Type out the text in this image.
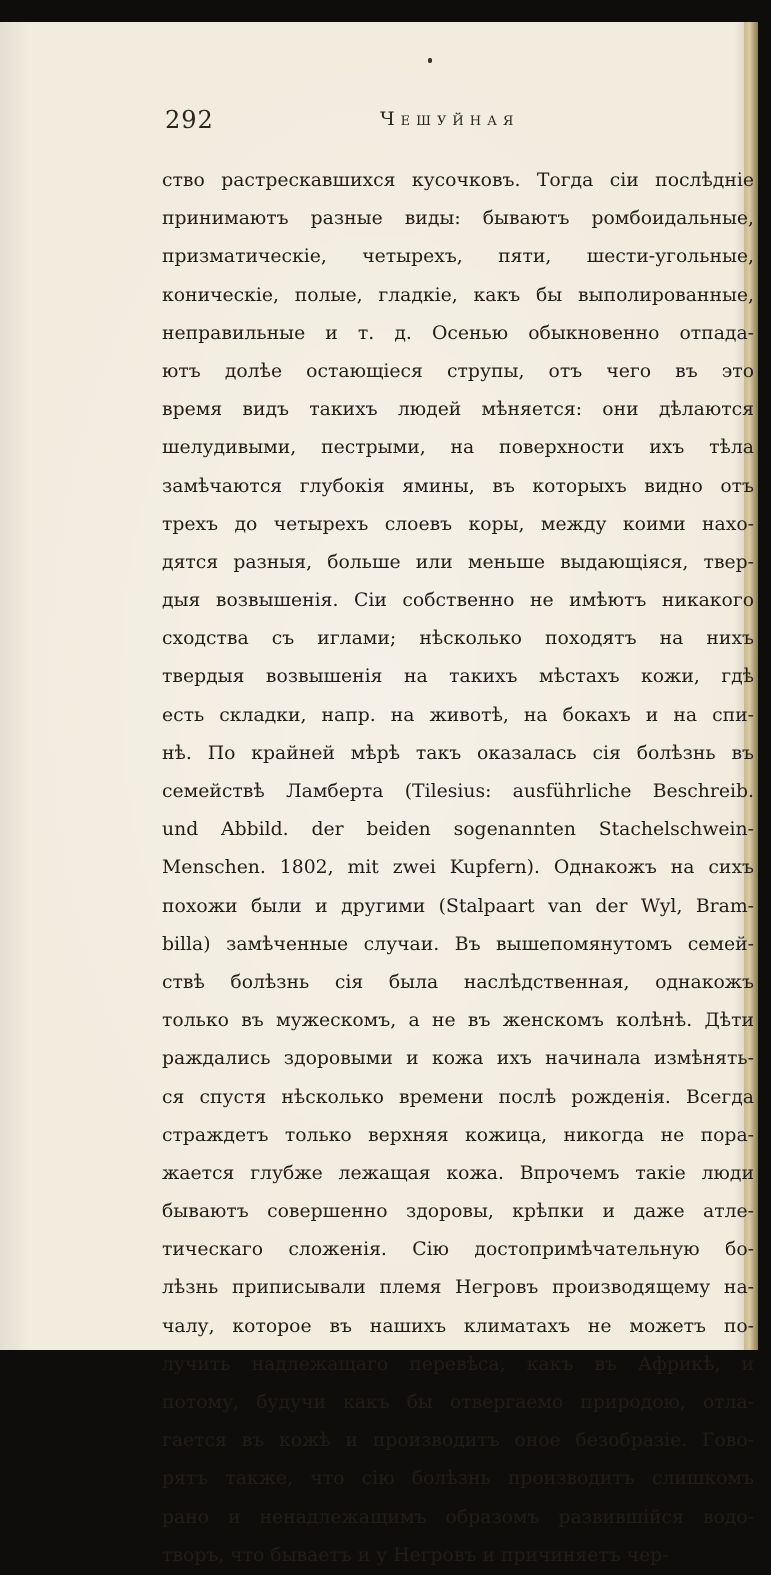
292	Чешуйная
ство растрескавшихся кусочковъ. Тогда сіи послѣдніе
принимаютъ разные виды: бываютъ ромбоидальные,
призматическіе, четырехъ, пяти, шести-угольные,
коническіе, полые, гладкіе, какъ бы выполированные,
неправильные и т. д. Осенью обыкновенно отпада-
ютъ долѣе остающіеся струпы, отъ чего въ это
время видъ такихъ людей мѣняется: они дѣлаются
шелудивыми, пестрыми, на поверхности ихъ тѣла
замѣчаются глубокія ямины, въ которыхъ видно отъ
трехъ до четырехъ слоевъ коры, между коими нахо-
дятся разныя, больше или меньше выдающіяся, твер-
дыя возвышенія. Сіи собственно не имѣютъ никакого
сходства съ иглами; нѣсколько походятъ на нихъ
твердыя возвышенія на такихъ мѣстахъ кожи, гдѣ
есть складки, напр. на животѣ, на бокахъ и на спи-
нѣ. По крайней мѣрѣ такъ оказалась сія болѣзнь въ
семействѣ Ламберта (Tilesius: ausführliche Beschreib.
und Abbild. der beiden sogenannten Stachelschwein-
Menschen. 1802, mit zwei Kupfern). Однакожъ на сихъ
похожи были и другими (Stalpaart van der Wyl, Bram-
billa) замѣченные случаи. Въ вышепомянутомъ семей-
ствѣ болѣзнь сія была наслѣдственная, однакожъ
только въ мужескомъ, а не въ женскомъ колѣнѣ. Дѣти
раждались здоровыми и кожа ихъ начинала измѣнять-
ся спустя нѣсколько времени послѣ рожденія. Всегда
страждетъ только верхняя кожица, никогда не пора-
жается глубже лежащая кожа. Впрочемъ такіе люди
бываютъ совершенно здоровы, крѣпки и даже атле-
тическаго сложенія. Сію достопримѣчательную бо-
лѣзнь приписывали племя Негровъ производящему на-
чалу, которое въ нашихъ климатахъ не можетъ по-
лучить надлежащаго перевѣса, какъ въ Африкѣ, и
потому, будучи какъ бы отвергаемо природою, отла-
гается въ кожѣ и производитъ оное безобразіе. Гово-
рятъ также, что сію болѣзнь производитъ слишкомъ
рано и ненадлежащимъ образомъ развившійся водо-
творъ, что бываетъ и у Негровъ и причиняетъ чер-
